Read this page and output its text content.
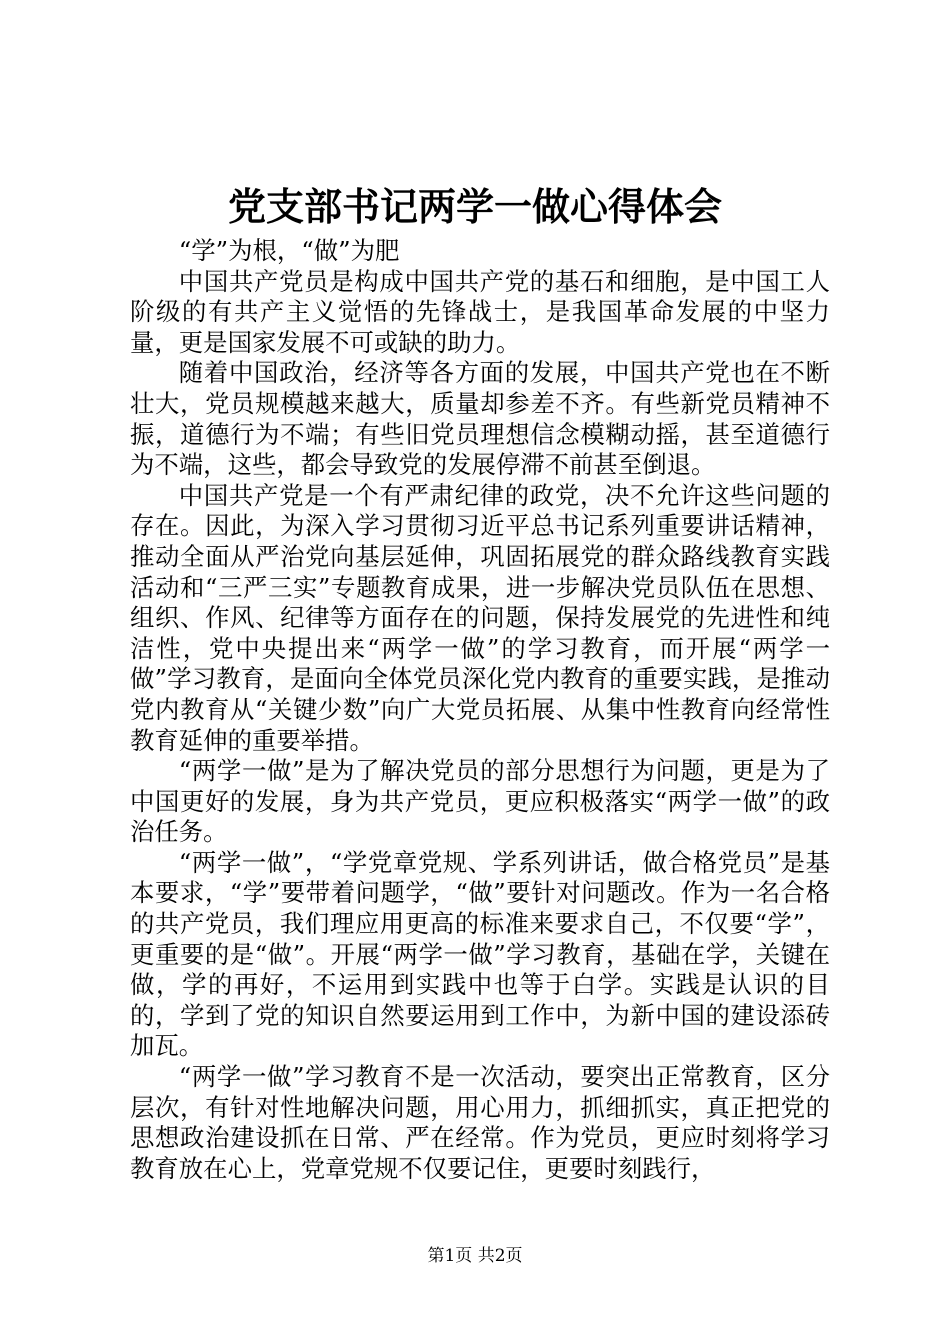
党支部书记两学一做心得体会

“学”为根，“做”为肥

中国共产党员是构成中国共产党的基石和细胞，是中国工人阶级的有共产主义觉悟的先锋战士，是我国革命发展的中坚力量，更是国家发展不可或缺的助力。

随着中国政治，经济等各方面的发展，中国共产党也在不断壮大，党员规模越来越大，质量却参差不齐。有些新党员精神不振，道德行为不端；有些旧党员理想信念模糊动摇，甚至道德行为不端，这些，都会导致党的发展停滞不前甚至倒退。

中国共产党是一个有严肃纪律的政党，决不允许这些问题的存在。因此，为深入学习贯彻习近平总书记系列重要讲话精神，推动全面从严治党向基层延伸，巩固拓展党的群众路线教育实践活动和“三严三实”专题教育成果，进一步解决党员队伍在思想、组织、作风、纪律等方面存在的问题，保持发展党的先进性和纯洁性，党中央提出来“两学一做”的学习教育，而开展“两学一做”学习教育，是面向全体党员深化党内教育的重要实践，是推动党内教育从“关键少数”向广大党员拓展、从集中性教育向经常性教育延伸的重要举措。

“两学一做”是为了解决党员的部分思想行为问题，更是为了中国更好的发展，身为共产党员，更应积极落实“两学一做”的政治任务。

“两学一做”，“学党章党规、学系列讲话，做合格党员”是基本要求，“学”要带着问题学，“做”要针对问题改。作为一名合格的共产党员，我们理应用更高的标准来要求自己，不仅要“学”，更重要的是“做”。开展“两学一做”学习教育，基础在学，关键在做，学的再好，不运用到实践中也等于白学。实践是认识的目的，学到了党的知识自然要运用到工作中，为新中国的建设添砖加瓦。

“两学一做”学习教育不是一次活动，要突出正常教育，区分层次，有针对性地解决问题，用心用力，抓细抓实，真正把党的思想政治建设抓在日常、严在经常。作为党员，更应时刻将学习教育放在心上，党章党规不仅要记住，更要时刻践行，

第1页 共2页
